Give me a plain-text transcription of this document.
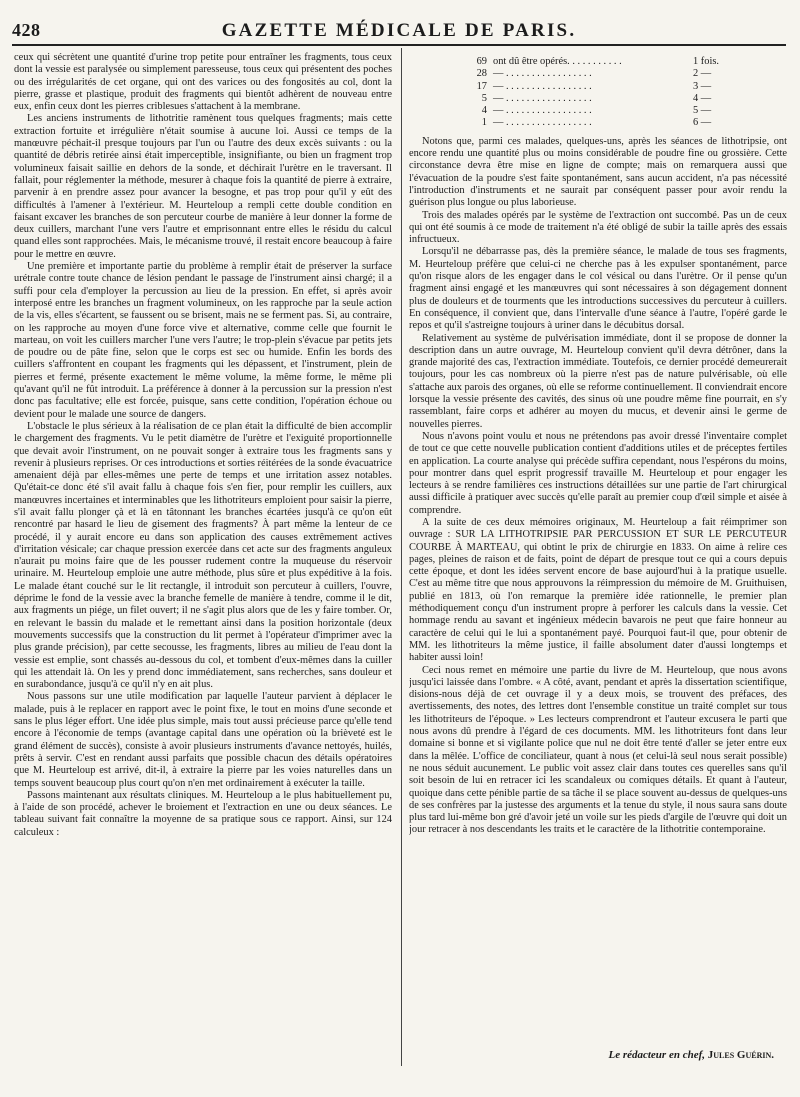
428	GAZETTE MÉDICALE DE PARIS.

ceux qui sécrètent une quantité d'urine trop petite pour entraîner les fragments, tous ceux dont la vessie est paralysée ou simplement paresseuse, tous ceux qui présentent des poches ou des irrégularités de cet organe, qui ont des varices ou des fongosités au col, dont la pierre, grasse et plastique, produit des fragments qui bientôt adhèrent de nouveau entre eux, enfin ceux dont les pierres criblesues s'attachent à la membrane.

Les anciens instruments de lithotritie ramènent tous quelques fragments; mais cette extraction fortuite et irrégulière n'était soumise à aucune loi. Aussi ce temps de la manœuvre péchait-il presque toujours par l'un ou l'autre des deux excès suivants : ou la quantité de débris retirée ainsi était imperceptible, insignifiante, ou bien un fragment trop volumineux faisait saillie en dehors de la sonde, et déchirait l'urètre en le traversant. Il fallait, pour réglementer la méthode, mesurer à chaque fois la quantité de pierre à extraire, parvenir à en prendre assez pour avancer la besogne, et pas trop pour qu'il y eût des difficultés à l'amener à l'extérieur. M. Heurteloup a rempli cette double condition en faisant excaver les branches de son percuteur courbe de manière à leur donner la forme de deux cuillers, marchant l'une vers l'autre et emprisonnant entre elles le résidu du calcul quand elles sont rapprochées. Mais, le mécanisme trouvé, il restait encore beaucoup à faire pour le mettre en œuvre.

Une première et importante partie du problème à remplir était de préserver la surface urétrale contre toute chance de lésion pendant le passage de l'instrument ainsi chargé; il a suffi pour cela d'employer la percussion au lieu de la pression. En effet, si après avoir interposé entre les branches un fragment volumineux, on les rapproche par la seule action de la vis, elles s'écartent, se faussent ou se brisent, mais ne se ferment pas. Si, au contraire, on les rapproche au moyen d'une force vive et alternative, comme celle que fournit le marteau, on voit les cuillers marcher l'une vers l'autre; le trop-plein s'évacue par petits jets de poudre ou de pâte fine, selon que le corps est sec ou humide. Enfin les bords des cuillers s'affrontent en coupant les fragments qui les dépassent, et l'instrument, plein de pierres et fermé, présente exactement le même volume, la même forme, le même pli qu'avant qu'il ne fût introduit. La préférence à donner à la percussion sur la pression n'est donc pas facultative; elle est forcée, puisque, sans cette condition, l'opération échoue ou devient pour le malade une source de dangers.

L'obstacle le plus sérieux à la réalisation de ce plan était la difficulté de bien accomplir le chargement des fragments. Vu le petit diamètre de l'urètre et l'exiguité proportionnelle que devait avoir l'instrument, on ne pouvait songer à extraire tous les fragments sans y revenir à plusieurs reprises. Or ces introductions et sorties réitérées de la sonde évacuatrice amenaient déjà par elles-mêmes une perte de temps et une irritation assez notables. Qu'était-ce donc été s'il avait fallu à chaque fois s'en fier, pour remplir les cuillers, aux manœuvres incertaines et interminables que les lithotriteurs emploient pour saisir la pierre, s'il avait fallu plonger çà et là en tâtonnant les branches écartées jusqu'à ce qu'on eût rencontré par hasard le lieu de gisement des fragments? À part même la lenteur de ce procédé, il y aurait encore eu dans son application des causes extrêmement actives d'irritation vésicale; car chaque pression exercée dans cet acte sur des fragments anguleux n'aurait pu moins faire que de les pousser rudement contre la muqueuse du réservoir urinaire. M. Heurteloup emploie une autre méthode, plus sûre et plus expéditive à la fois. Le malade étant couché sur le lit rectangle, il introduit son percuteur à cuillers, l'ouvre, déprime le fond de la vessie avec la branche femelle de manière à tendre, comme il le dit, aux fragments un piége, un filet ouvert; il ne s'agit plus alors que de les y faire tomber. Or, en relevant le bassin du malade et le remettant ainsi dans la position horizontale (deux mouvements successifs que la construction du lit permet à l'opérateur d'imprimer avec la plus grande précision), par cette secousse, les fragments, libres au milieu de l'eau dont la vessie est emplie, sont chassés au-dessous du col, et tombent d'eux-mêmes dans la cuiller qui les attendait là. On les y prend donc immédiatement, sans recherches, sans douleur et en surabondance, jusqu'à ce qu'il n'y en ait plus.

Nous passons sur une utile modification par laquelle l'auteur parvient à déplacer le malade, puis à le replacer en rapport avec le point fixe, le tout en moins d'une seconde et sans le plus léger effort. Une idée plus simple, mais tout aussi précieuse parce qu'elle tend encore à l'économie de temps (avantage capital dans une opération où la brièveté est le grand élément de succès), consiste à avoir plusieurs instruments d'avance nettoyés, huilés, prêts à servir. C'est en rendant aussi parfaits que possible chacun des détails opératoires que M. Heurteloup est arrivé, dit-il, à extraire la pierre par les voies naturelles dans un temps souvent beaucoup plus court qu'on n'en met ordinairement à exécuter la taille.

Passons maintenant aux résultats cliniques. M. Heurteloup a le plus habituellement pu, à l'aide de son procédé, achever le broiement et l'extraction en une ou deux séances. Le tableau suivant fait connaître la moyenne de sa pratique sous ce rapport. Ainsi, sur 124 calculeux :

69 ont dû être opérés. . . . . . . . . . .	1 fois.
28 — . . . . . . . . . . . . . . . . .	2 —
17 — . . . . . . . . . . . . . . . . .	3 —
5 — . . . . . . . . . . . . . . . . .	4 —
4 — . . . . . . . . . . . . . . . . .	5 —
1 — . . . . . . . . . . . . . . . . .	6 —

Notons que, parmi ces malades, quelques-uns, après les séances de lithotripsie, ont encore rendu une quantité plus ou moins considérable de poudre fine ou grossière. Cette circonstance devra être mise en ligne de compte; mais on remarquera aussi que l'évacuation de la poudre s'est faite spontanément, sans aucun accident, n'a pas nécessité l'introduction d'instruments et ne saurait par conséquent passer pour avoir rendu la guérison plus longue ou plus laborieuse.

Trois des malades opérés par le système de l'extraction ont succombé. Pas un de ceux qui ont été soumis à ce mode de traitement n'a été obligé de subir la taille après des essais infructueux.

Lorsqu'il ne débarrasse pas, dès la première séance, le malade de tous ses fragments, M. Heurteloup préfère que celui-ci ne cherche pas à les expulser spontanément, parce qu'on risque alors de les engager dans le col vésical ou dans l'urètre. Or il pense qu'un fragment ainsi engagé et les manœuvres qui sont nécessaires à son dégagement donnent plus de douleurs et de tourments que les introductions successives du percuteur à cuillers. En conséquence, il convient que, dans l'intervalle d'une séance à l'autre, l'opéré garde le repos et qu'il s'astreigne toujours à uriner dans le décubitus dorsal.

Relativement au système de pulvérisation immédiate, dont il se propose de donner la description dans un autre ouvrage, M. Heurteloup convient qu'il devra détrôner, dans la grande majorité des cas, l'extraction immédiate. Toutefois, ce dernier procédé demeurerait toujours, pour les cas nombreux où la pierre n'est pas de nature pulvérisable, où elle s'attache aux parois des organes, où elle se reforme continuellement. Il conviendrait encore lorsque la vessie présente des cavités, des sinus où une poudre même fine pourrait, en s'y rassemblant, faire corps et adhérer au moyen du mucus, et devenir ainsi le germe de nouvelles pierres.

Nous n'avons point voulu et nous ne prétendons pas avoir dressé l'inventaire complet de tout ce que cette nouvelle publication contient d'additions utiles et de préceptes fertiles en application. La courte analyse qui précède suffira cependant, nous l'espérons du moins, pour montrer dans quel esprit progressif travaille M. Heurteloup et pour engager les lecteurs à se rendre familières ces instructions détaillées sur une partie de l'art chirurgical aussi difficile à pratiquer avec succès qu'elle paraît au premier coup d'œil simple et aisée à comprendre.

A la suite de ces deux mémoires originaux, M. Heurteloup a fait réimprimer son ouvrage : SUR LA LITHOTRIPSIE PAR PERCUSSION ET SUR LE PERCUTEUR COURBE À MARTEAU, qui obtint le prix de chirurgie en 1833. On aime à relire ces pages, pleines de raison et de faits, point de départ de presque tout ce qui a cours depuis cette époque, et dont les idées servent encore de base aujourd'hui à la pratique usuelle. C'est au même titre que nous approuvons la réimpression du mémoire de M. Gruithuisen, publié en 1813, où l'on remarque la première idée rationnelle, le premier plan méthodiquement conçu d'un instrument propre à perforer les calculs dans la vessie. Cet hommage rendu au savant et ingénieux médecin bavarois ne peut que faire honneur au caractère de celui qui le lui a spontanément payé. Pourquoi faut-il que, pour obtenir de MM. les lithotriteurs la même justice, il faille absolument dater d'aussi longtemps et habiter aussi loin!

Ceci nous remet en mémoire une partie du livre de M. Heurteloup, que nous avons jusqu'ici laissée dans l'ombre. « A côté, avant, pendant et après la dissertation scientifique, disions-nous déjà de cet ouvrage il y a deux mois, se trouvent des préfaces, des avertissements, des notes, des lettres dont l'ensemble constitue un traité complet sur tous les lithotriteurs de l'époque. » Les lecteurs comprendront et l'auteur excusera le parti que nous avons dû prendre à l'égard de ces documents. MM. les lithotriteurs font dans leur domaine si bonne et si vigilante police que nul ne doit être tenté d'aller se jeter entre eux dans la mêlée. L'office de conciliateur, quant à nous (et celui-là seul nous serait possible) ne nous séduit aucunement. Le public voit assez clair dans toutes ces querelles sans qu'il soit besoin de lui en retracer ici les scandaleux ou comiques détails. Et quant à l'auteur, quoique dans cette pénible partie de sa tâche il se place souvent au-dessus de quelques-uns de ses confrères par la justesse des arguments et la tenue du style, il nous saura sans doute plus tard lui-même bon gré d'avoir jeté un voile sur les pieds d'argile de l'œuvre qui doit un jour retracer à nos descendants les traits et le caractère de la lithotritie contemporaine.

Le rédacteur en chef, Jules Guérin.
